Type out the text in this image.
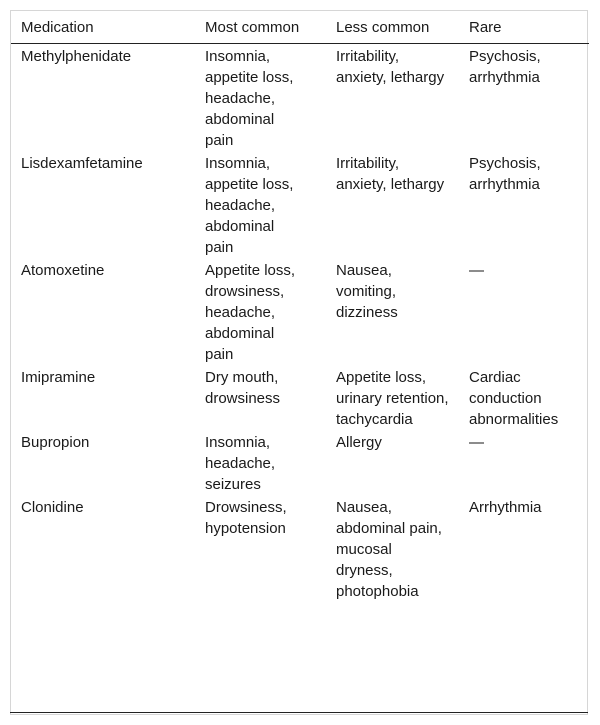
Medication	Most common	Less common	Rare
Methylphenidate	Insomnia, appetite loss, headache, abdominal pain	Irritability, anxiety, lethargy	Psychosis, arrhythmia
Lisdexamfetamine	Insomnia, appetite loss, headache, abdominal pain	Irritability, anxiety, lethargy	Psychosis, arrhythmia
Atomoxetine	Appetite loss, drowsiness, headache, abdominal pain	Nausea, vomiting, dizziness	—
Imipramine	Dry mouth, drowsiness	Appetite loss, urinary retention, tachycardia	Cardiac conduction abnormalities
Bupropion	Insomnia, headache, seizures	Allergy	—
Clonidine	Drowsiness, hypotension	Nausea, abdominal pain, mucosal dryness, photophobia	Arrhythmia
